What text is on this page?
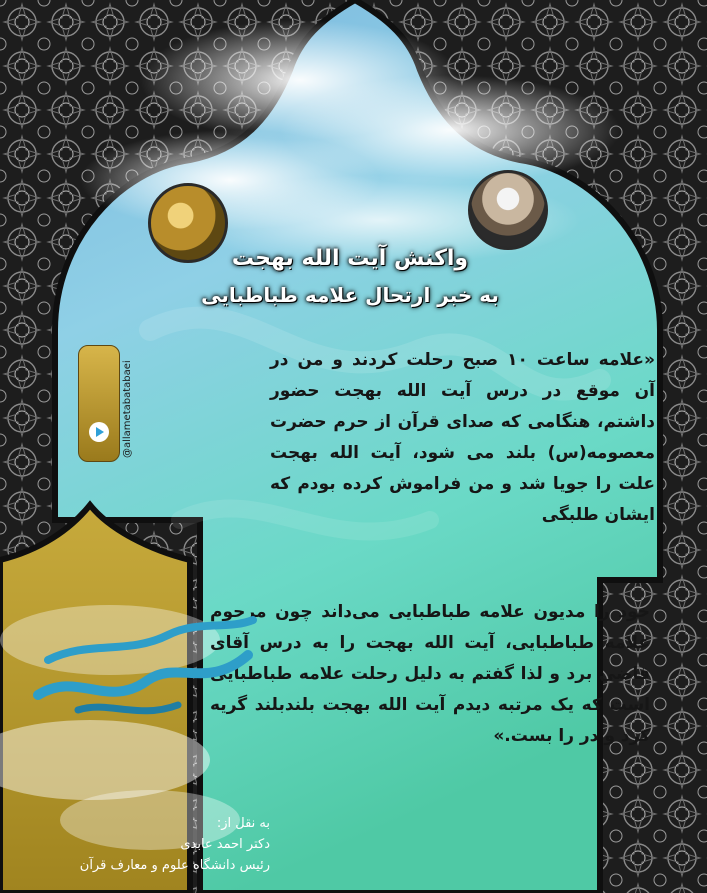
واکنش آیت الله بهجت
به خبر ارتحال علامه طباطبایی
@allametabatabaei
«علامه ساعت ۱۰ صبح رحلت کردند و من در آن موقع در درس آیت الله بهجت حضور داشتم، هنگامی که صدای قرآن از حرم حضرت معصومه(س) بلند می شود، آیت الله بهجت علت را جویا شد و من فراموش کرده بودم که ایشان طلبگی
خود را مدیون علامه طباطبایی می‌داند چون مرحوم علامه طباطبایی، آیت الله بهجت را به درس آقای قاضی برد و لذا گفتم به دلیل رحلت علامه طباطبایی است که یک مرتبه دیدم آیت الله بهجت بلندبلند گریه کرد و در را بست.»
به نقل از:
دکتر احمد عابدی
رئیس دانشگاه علوم و معارف قرآن
